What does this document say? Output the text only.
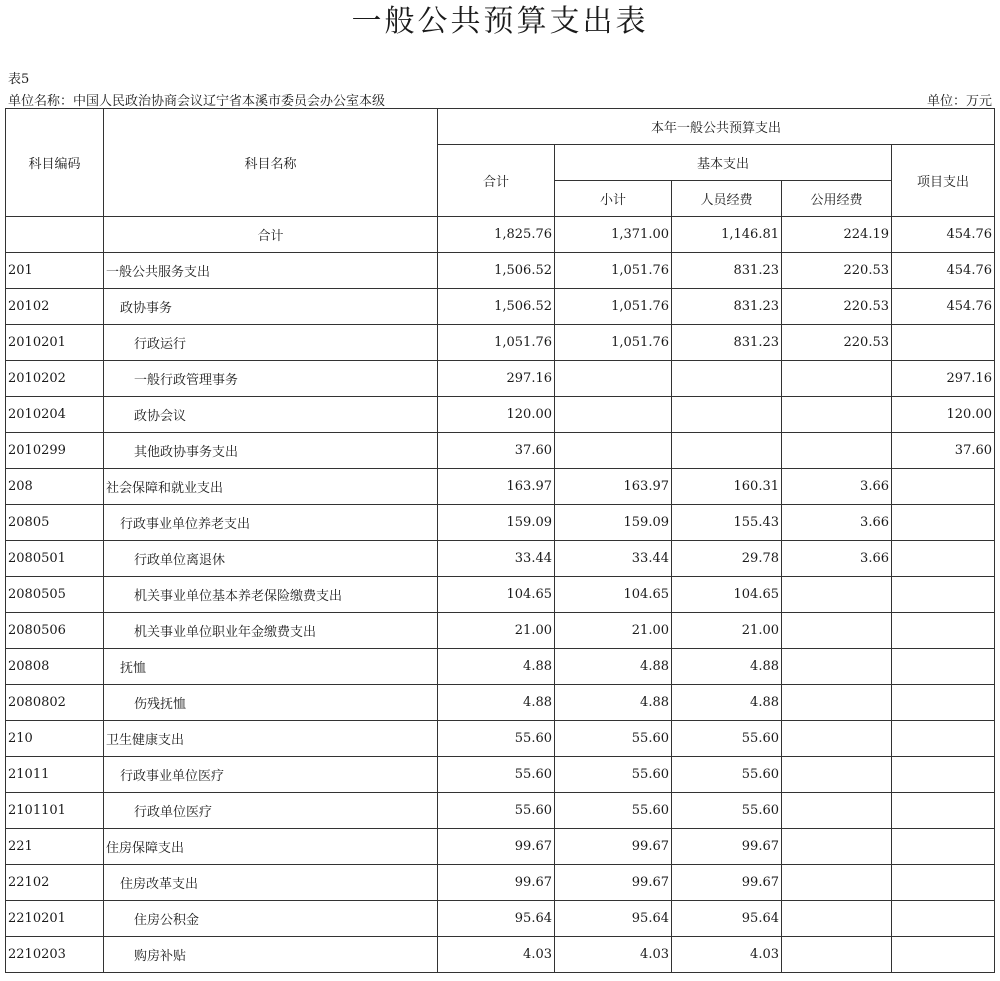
一般公共预算支出表
表5
单位名称：中国人民政治协商会议辽宁省本溪市委员会办公室本级	单位：万元
科目编码	科目名称	本年一般公共预算支出				
		合计	基本支出			项目支出
			小计	人员经费	公用经费	
	合计	1,825.76	1,371.00	1,146.81	224.19	454.76
201	一般公共服务支出	1,506.52	1,051.76	831.23	220.53	454.76
20102	政协事务	1,506.52	1,051.76	831.23	220.53	454.76
2010201	行政运行	1,051.76	1,051.76	831.23	220.53	
2010202	一般行政管理事务	297.16				297.16
2010204	政协会议	120.00				120.00
2010299	其他政协事务支出	37.60				37.60
208	社会保障和就业支出	163.97	163.97	160.31	3.66	
20805	行政事业单位养老支出	159.09	159.09	155.43	3.66	
2080501	行政单位离退休	33.44	33.44	29.78	3.66	
2080505	机关事业单位基本养老保险缴费支出	104.65	104.65	104.65		
2080506	机关事业单位职业年金缴费支出	21.00	21.00	21.00		
20808	抚恤	4.88	4.88	4.88		
2080802	伤残抚恤	4.88	4.88	4.88		
210	卫生健康支出	55.60	55.60	55.60		
21011	行政事业单位医疗	55.60	55.60	55.60		
2101101	行政单位医疗	55.60	55.60	55.60		
221	住房保障支出	99.67	99.67	99.67		
22102	住房改革支出	99.67	99.67	99.67		
2210201	住房公积金	95.64	95.64	95.64		
2210203	购房补贴	4.03	4.03	4.03		
